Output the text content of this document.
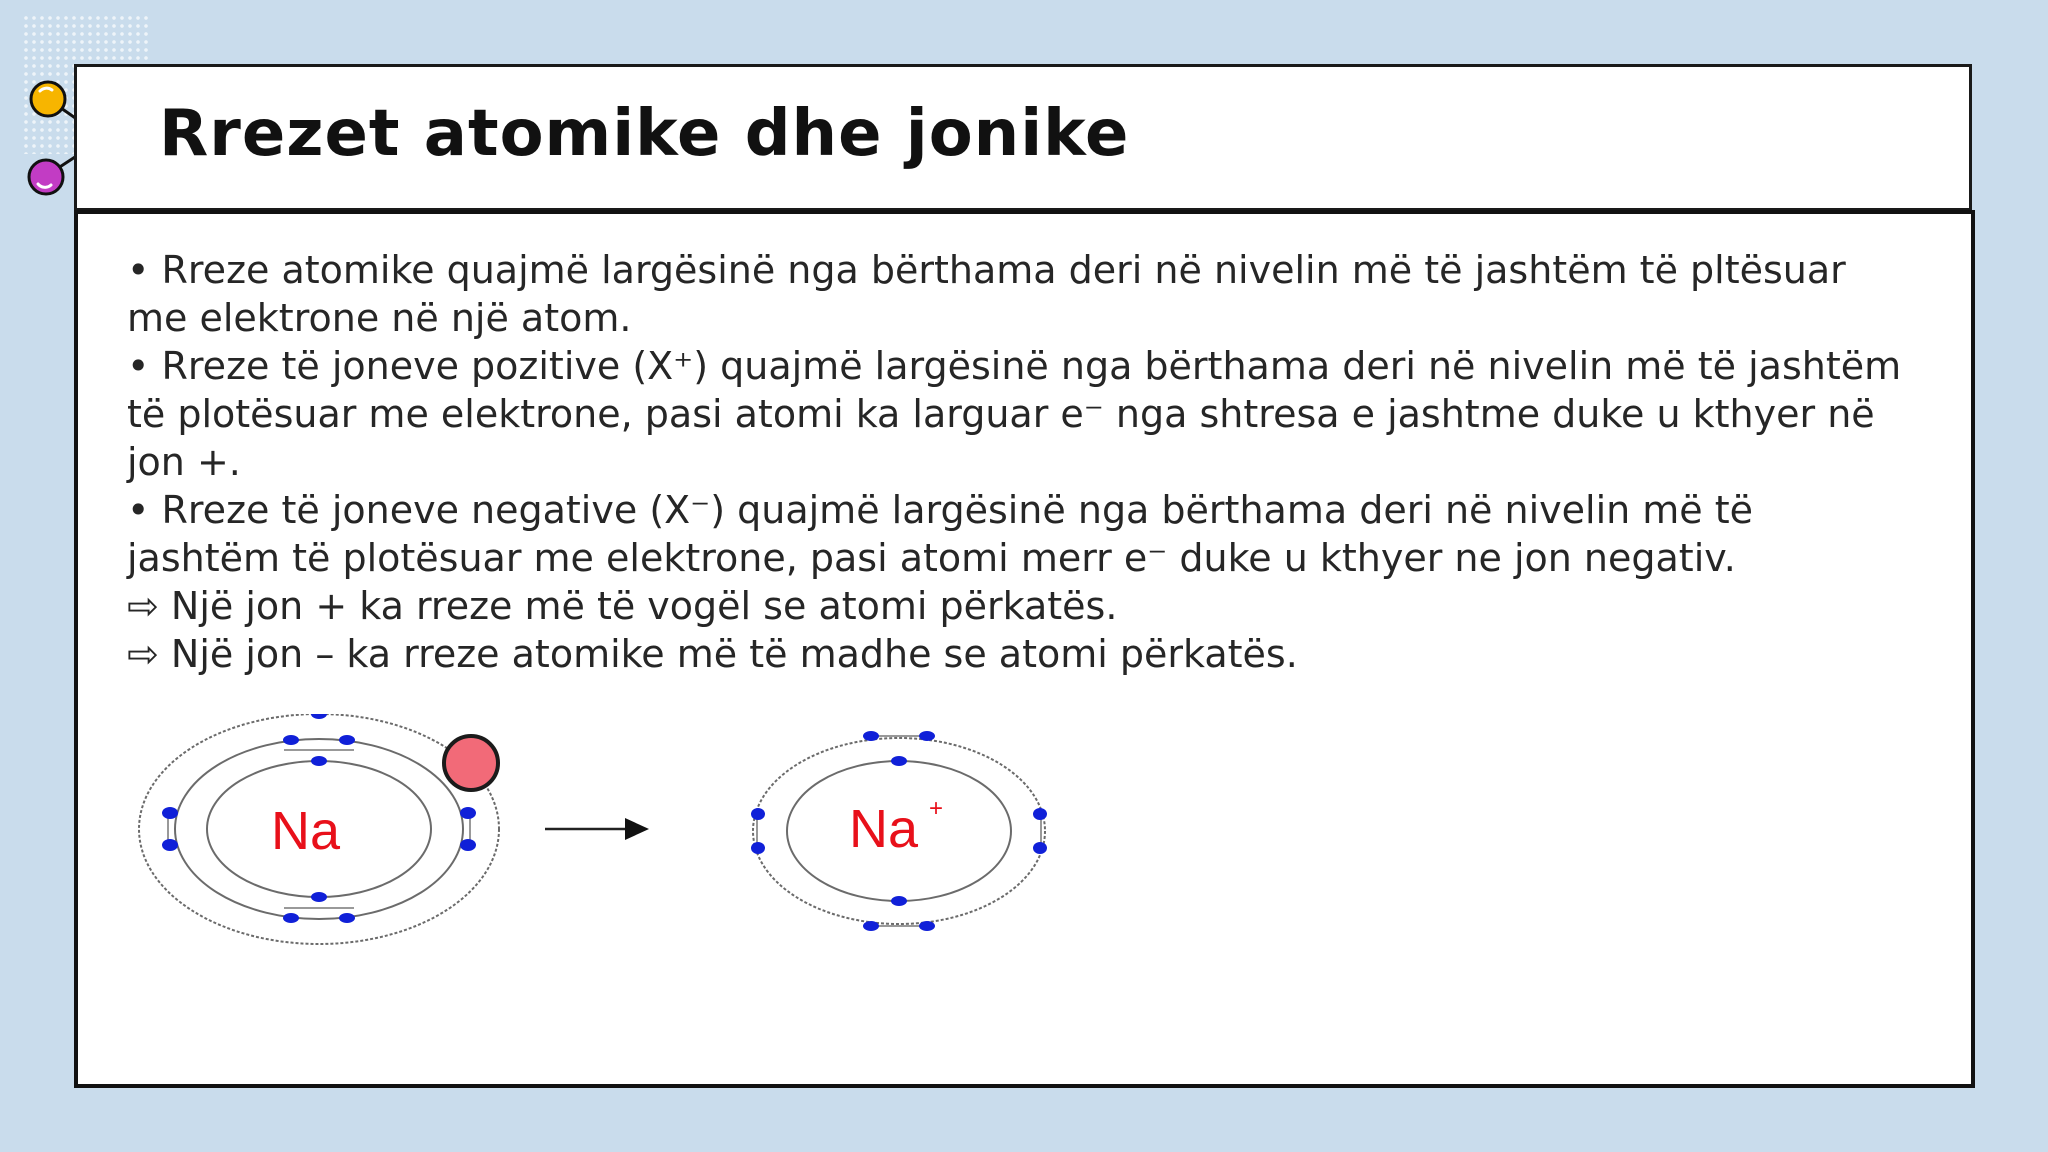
Rrezet atomike dhe jonike

• Rreze atomike quajmë largësinë nga bërthama deri në nivelin më të jashtëm të pltësuar me elektrone në një atom.

• Rreze të joneve pozitive (X⁺) quajmë largësinë nga bërthama deri në nivelin më të jashtëm të plotësuar me elektrone, pasi atomi ka larguar e⁻ nga shtresa e jashtme duke u kthyer në jon +.

• Rreze të joneve negative (X⁻) quajmë largësinë nga bërthama deri në nivelin më të jashtëm të plotësuar me elektrone, pasi atomi merr e⁻ duke u kthyer ne jon negativ.

⇨ Një jon + ka rreze më të vogël se atomi përkatës.

⇨ Një jon – ka rreze atomike më të madhe se atomi përkatës.

Na	Na +
